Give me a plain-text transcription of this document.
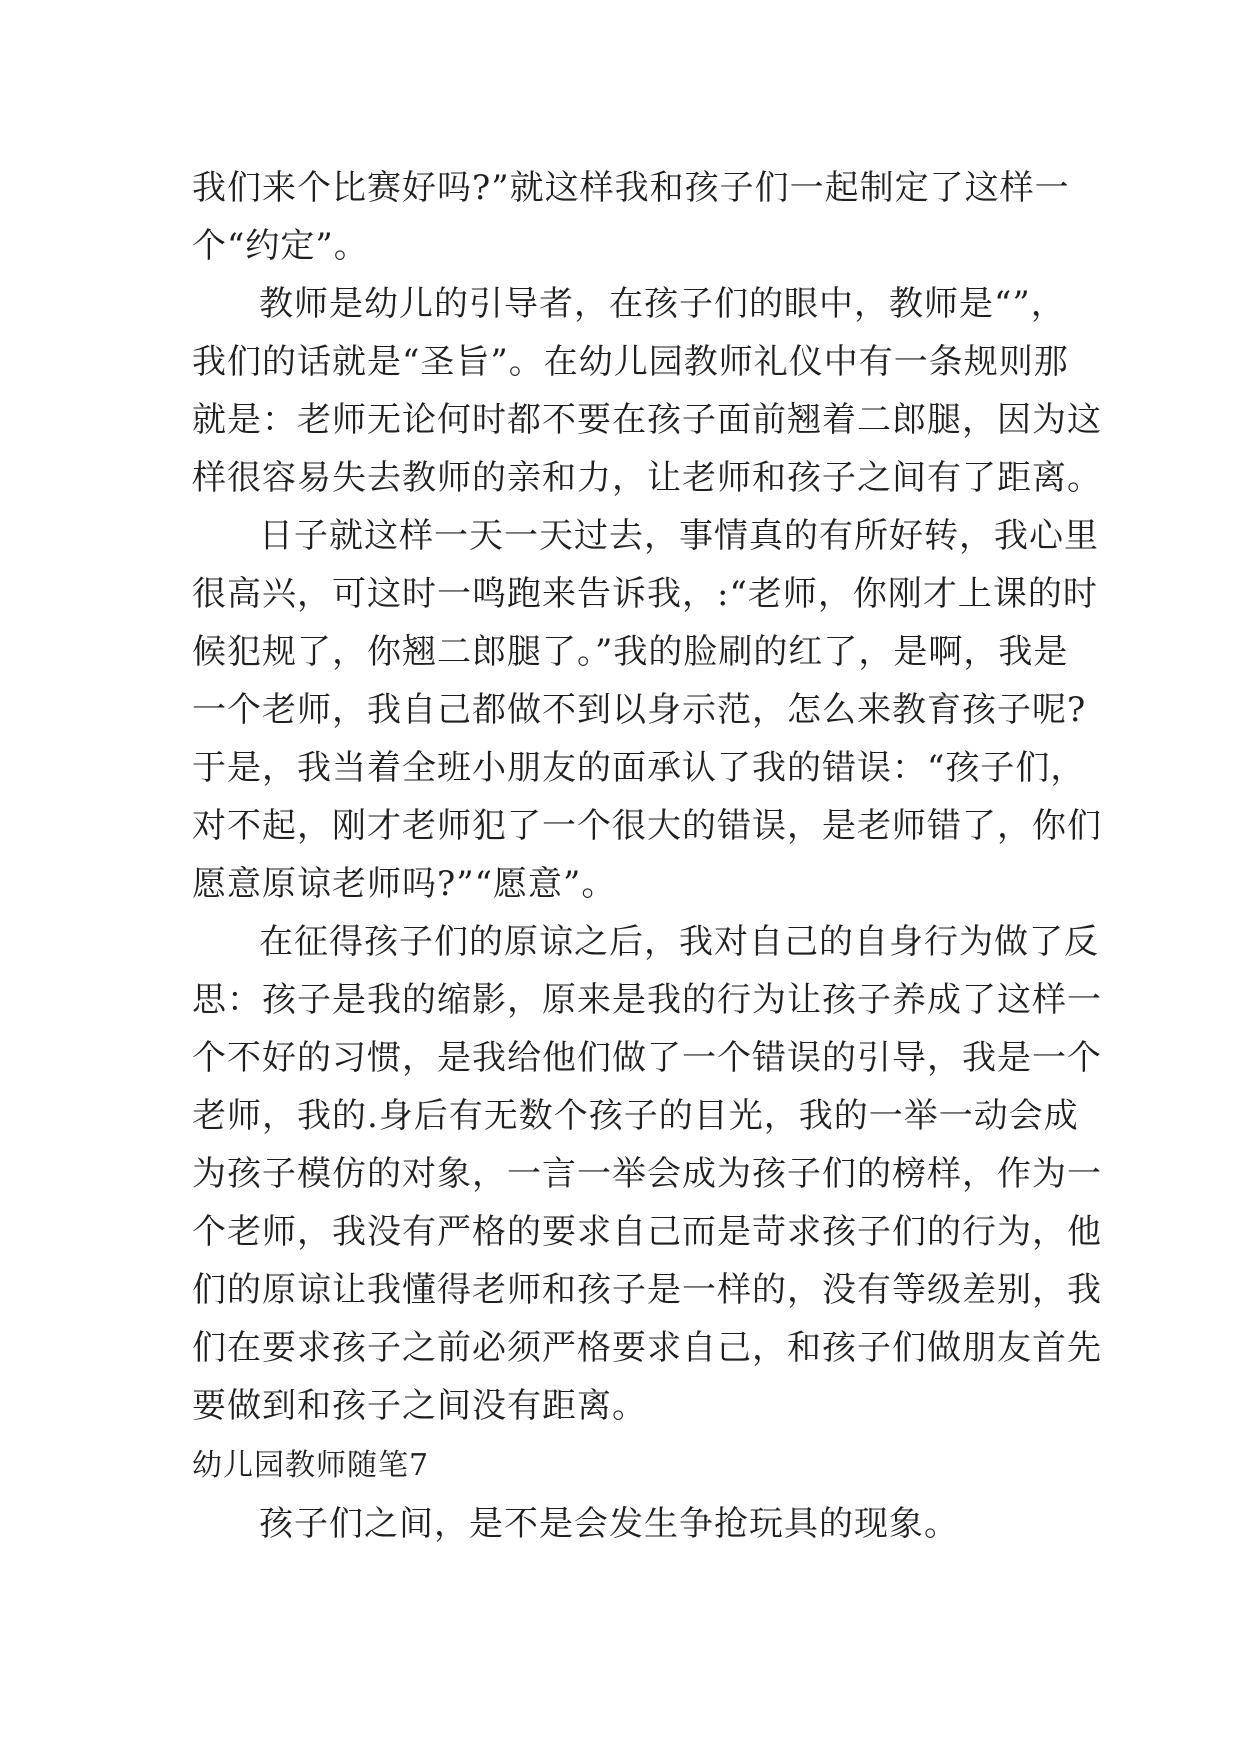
我们来个比赛好吗?”就这样我和孩子们一起制定了这样一
个“约定”。
教师是幼儿的引导者，在孩子们的眼中，教师是“”，
我们的话就是“圣旨”。在幼儿园教师礼仪中有一条规则那
就是：老师无论何时都不要在孩子面前翘着二郎腿，因为这
样很容易失去教师的亲和力，让老师和孩子之间有了距离。
日子就这样一天一天过去，事情真的有所好转，我心里
很高兴，可这时一鸣跑来告诉我，:“老师，你刚才上课的时
候犯规了，你翘二郎腿了。”我的脸刷的红了，是啊，我是
一个老师，我自己都做不到以身示范，怎么来教育孩子呢?
于是，我当着全班小朋友的面承认了我的错误：“孩子们，
对不起，刚才老师犯了一个很大的错误，是老师错了，你们
愿意原谅老师吗?”“愿意”。
在征得孩子们的原谅之后，我对自己的自身行为做了反
思：孩子是我的缩影，原来是我的行为让孩子养成了这样一
个不好的习惯，是我给他们做了一个错误的引导，我是一个
老师，我的.身后有无数个孩子的目光，我的一举一动会成
为孩子模仿的对象，一言一举会成为孩子们的榜样，作为一
个老师，我没有严格的要求自己而是苛求孩子们的行为，他
们的原谅让我懂得老师和孩子是一样的，没有等级差别，我
们在要求孩子之前必须严格要求自己，和孩子们做朋友首先
要做到和孩子之间没有距离。
幼儿园教师随笔7
孩子们之间，是不是会发生争抢玩具的现象。
